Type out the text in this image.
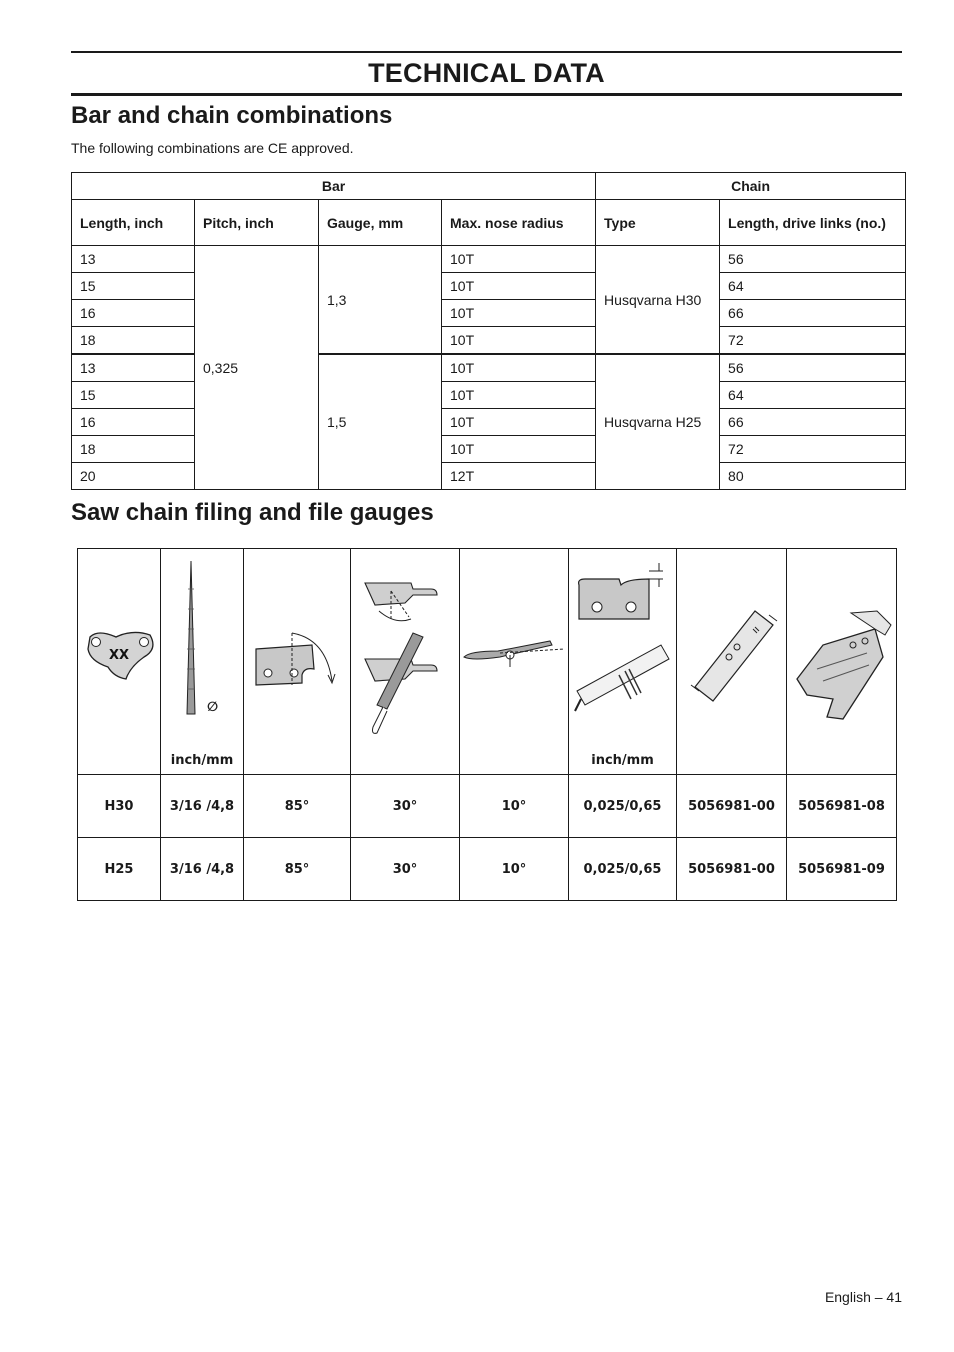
TECHNICAL DATA
Bar and chain combinations

The following combinations are CE approved.

Bar				Chain	
Length, inch	Pitch, inch	Gauge, mm	Max. nose radius	Type	Length, drive links (no.)
13	0,325	1,3	10T	Husqvarna H30	56
15			10T		64
16			10T		66
18			10T		72
13		1,5	10T	Husqvarna H25	56
15			10T		64
16			10T		66
18			10T		72
20			12T		80
Saw chain filing and file gauges
XX	∅
inch/mm				inch/mm

H30	3/16 /4,8	85°	30°	10°	0,025/0,65	5056981-00	5056981-08
H25	3/16 /4,8	85°	30°	10°	0,025/0,65	5056981-00	5056981-09
English – 41
